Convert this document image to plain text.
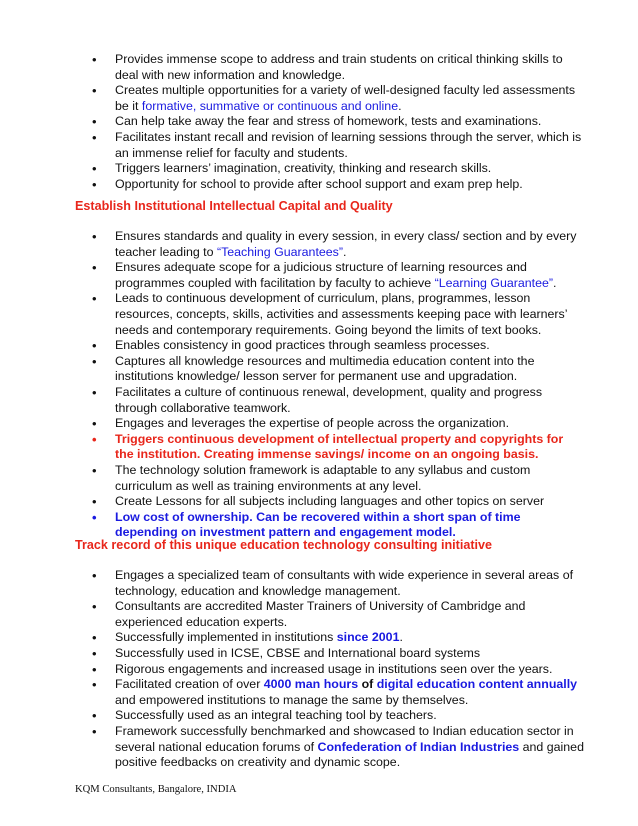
• Provides immense scope to address and train students on critical thinking skills to deal with new information and knowledge.
• Creates multiple opportunities for a variety of well-designed faculty led assessments be it formative, summative or continuous and online.
• Can help take away the fear and stress of homework, tests and examinations.
• Facilitates instant recall and revision of learning sessions through the server, which is an immense relief for faculty and students.
• Triggers learners’ imagination, creativity, thinking and research skills.
• Opportunity for school to provide after school support and exam prep help.
Establish Institutional Intellectual Capital and Quality
• Ensures standards and quality in every session, in every class/ section and by every teacher leading to “Teaching Guarantees”.
• Ensures adequate scope for a judicious structure of learning resources and programmes coupled with facilitation by faculty to achieve “Learning Guarantee”.
• Leads to continuous development of curriculum, plans, programmes, lesson resources, concepts, skills, activities and assessments keeping pace with learners’ needs and contemporary requirements. Going beyond the limits of text books.
• Enables consistency in good practices through seamless processes.
• Captures all knowledge resources and multimedia education content into the institutions knowledge/ lesson server for permanent use and upgradation.
• Facilitates a culture of continuous renewal, development, quality and progress through collaborative teamwork.
• Engages and leverages the expertise of people across the organization.
• Triggers continuous development of intellectual property and copyrights for the institution. Creating immense savings/ income on an ongoing basis.
• The technology solution framework is adaptable to any syllabus and custom curriculum as well as training environments at any level.
• Create Lessons for all subjects including languages and other topics on server
• Low cost of ownership. Can be recovered within a short span of time depending on investment pattern and engagement model.
Track record of this unique education technology consulting initiative
• Engages a specialized team of consultants with wide experience in several areas of technology, education and knowledge management.
• Consultants are accredited Master Trainers of University of Cambridge and experienced education experts.
• Successfully implemented in institutions since 2001.
• Successfully used in ICSE, CBSE and International board systems
• Rigorous engagements and increased usage in institutions seen over the years.
• Facilitated creation of over 4000 man hours of digital education content annually and empowered institutions to manage the same by themselves.
• Successfully used as an integral teaching tool by teachers.
• Framework successfully benchmarked and showcased to Indian education sector in several national education forums of Confederation of Indian Industries and gained positive feedbacks on creativity and dynamic scope.
KQM Consultants, Bangalore, INDIA
